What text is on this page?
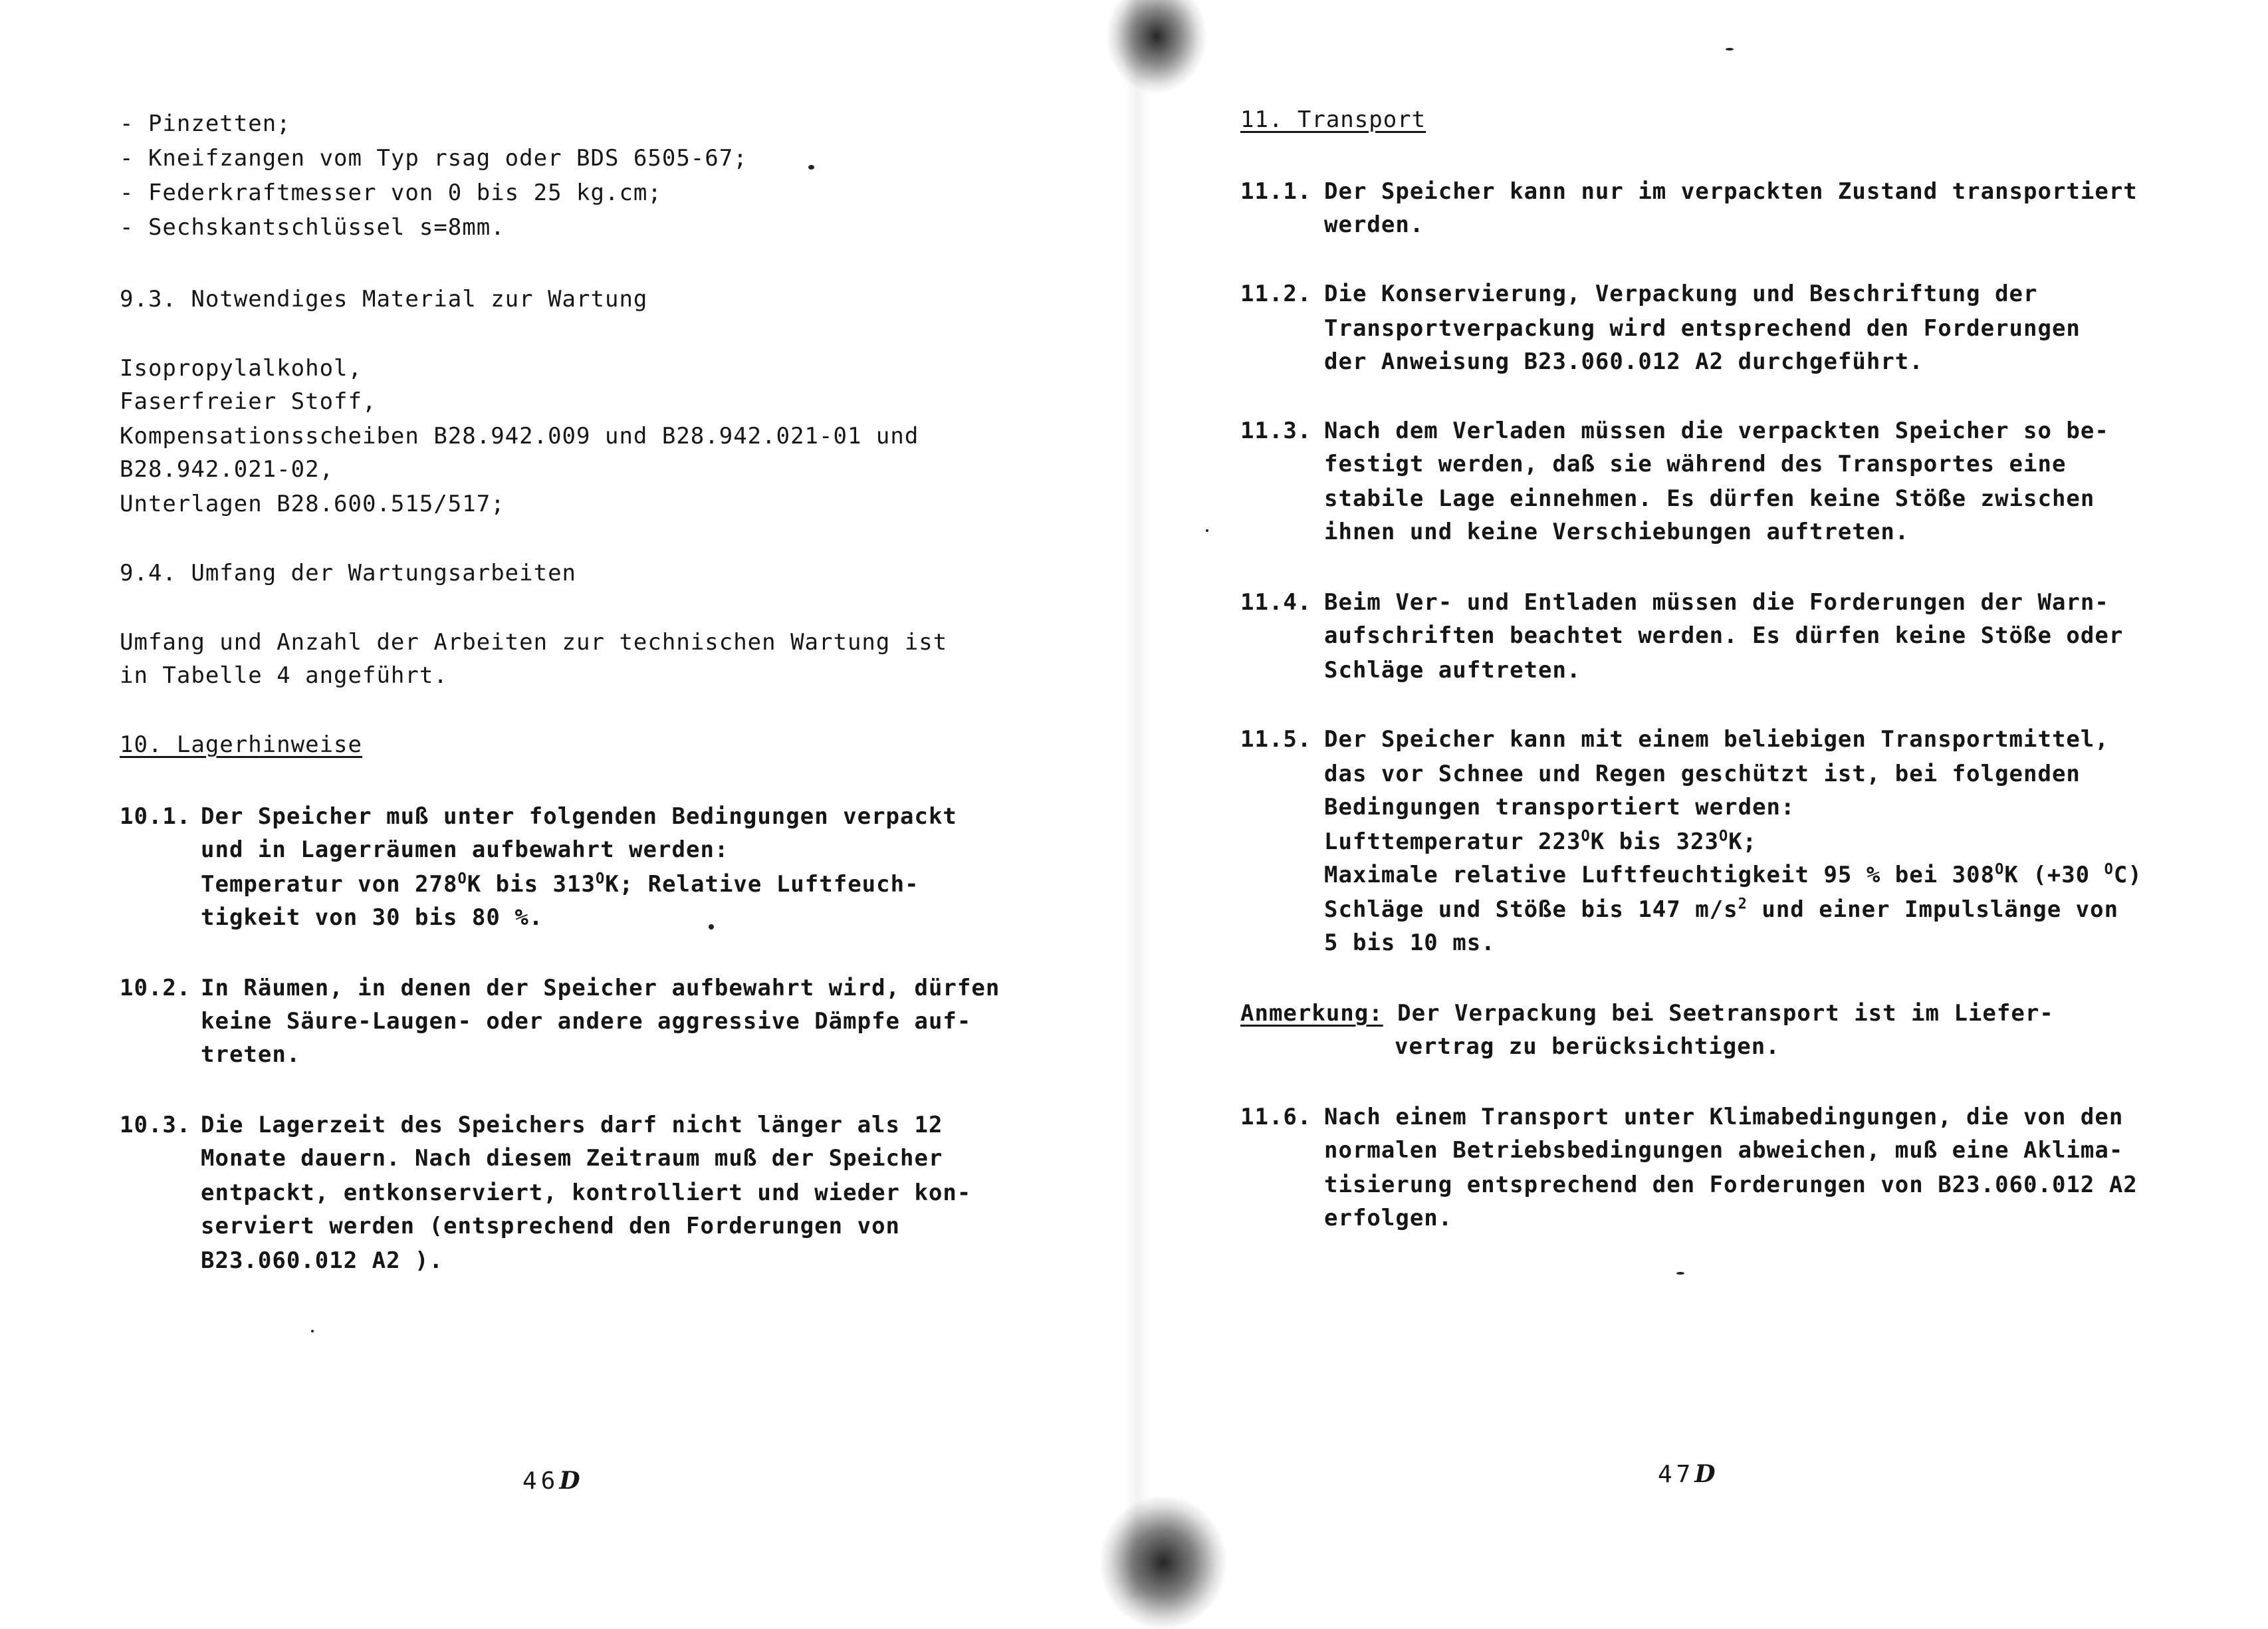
- Pinzetten;
- Kneifzangen vom Typ rsag oder BDS 6505-67;
- Federkraftmesser von 0 bis 25 kg.cm;
- Sechskantschlüssel s=8mm.
9.3. Notwendiges Material zur Wartung
Isopropylalkohol,
Faserfreier Stoff,
Kompensationsscheiben B28.942.009 und B28.942.021-01 und
B28.942.021-02,
Unterlagen B28.600.515/517;
9.4. Umfang der Wartungsarbeiten
Umfang und Anzahl der Arbeiten zur technischen Wartung ist
in Tabelle 4 angeführt.
10. Lagerhinweise
10.1. Der Speicher muß unter folgenden Bedingungen verpackt
und in Lagerräumen aufbewahrt werden:
Temperatur von $278^OK$ bis $313^OK$; Relative Luftfeuch-
tigkeit von 30 bis 80 %.
10.2. In Räumen, in denen der Speicher aufbewahrt wird, dürfen
keine Säure-Laugen- oder andere aggressive Dämpfe auf-
treten.
10.3. Die Lagerzeit des Speichers darf nicht länger als 12
Monate dauern. Nach diesem Zeitraum muß der Speicher
entpackt, entkonserviert, kontrolliert und wieder kon-
serviert werden (entsprechend den Forderungen von
B23.060.012 A2 ).
46D
11. Transport
11.1. Der Speicher kann nur im verpackten Zustand transportiert
werden.
11.2. Die Konservierung, Verpackung und Beschriftung der
Transportverpackung wird entsprechend den Forderungen
der Anweisung B23.060.012 A2 durchgeführt.
11.3. Nach dem Verladen müssen die verpackten Speicher so be-
festigt werden, daß sie während des Transportes eine
stabile Lage einnehmen. Es dürfen keine Stöße zwischen
ihnen und keine Verschiebungen auftreten.
11.4. Beim Ver- und Entladen müssen die Forderungen der Warn-
aufschriften beachtet werden. Es dürfen keine Stöße oder
Schläge auftreten.
11.5. Der Speicher kann mit einem beliebigen Transportmittel,
das vor Schnee und Regen geschützt ist, bei folgenden
Bedingungen transportiert werden:
Lufttemperatur $223^OK$ bis $323^OK$;
Maximale relative Luftfeuchtigkeit 95 % bei $308^OK$ (+30 $^O$C)
Schläge und Stöße bis 147 $m/s^2$ und einer Impulslänge von
5 bis 10 ms.
Anmerkung: Der Verpackung bei Seetransport ist im Liefer-
vertrag zu berücksichtigen.
11.6. Nach einem Transport unter Klimabedingungen, die von den
normalen Betriebsbedingungen abweichen, muß eine Aklima-
tisierung entsprechend den Forderungen von B23.060.012 A2
erfolgen.
47D
